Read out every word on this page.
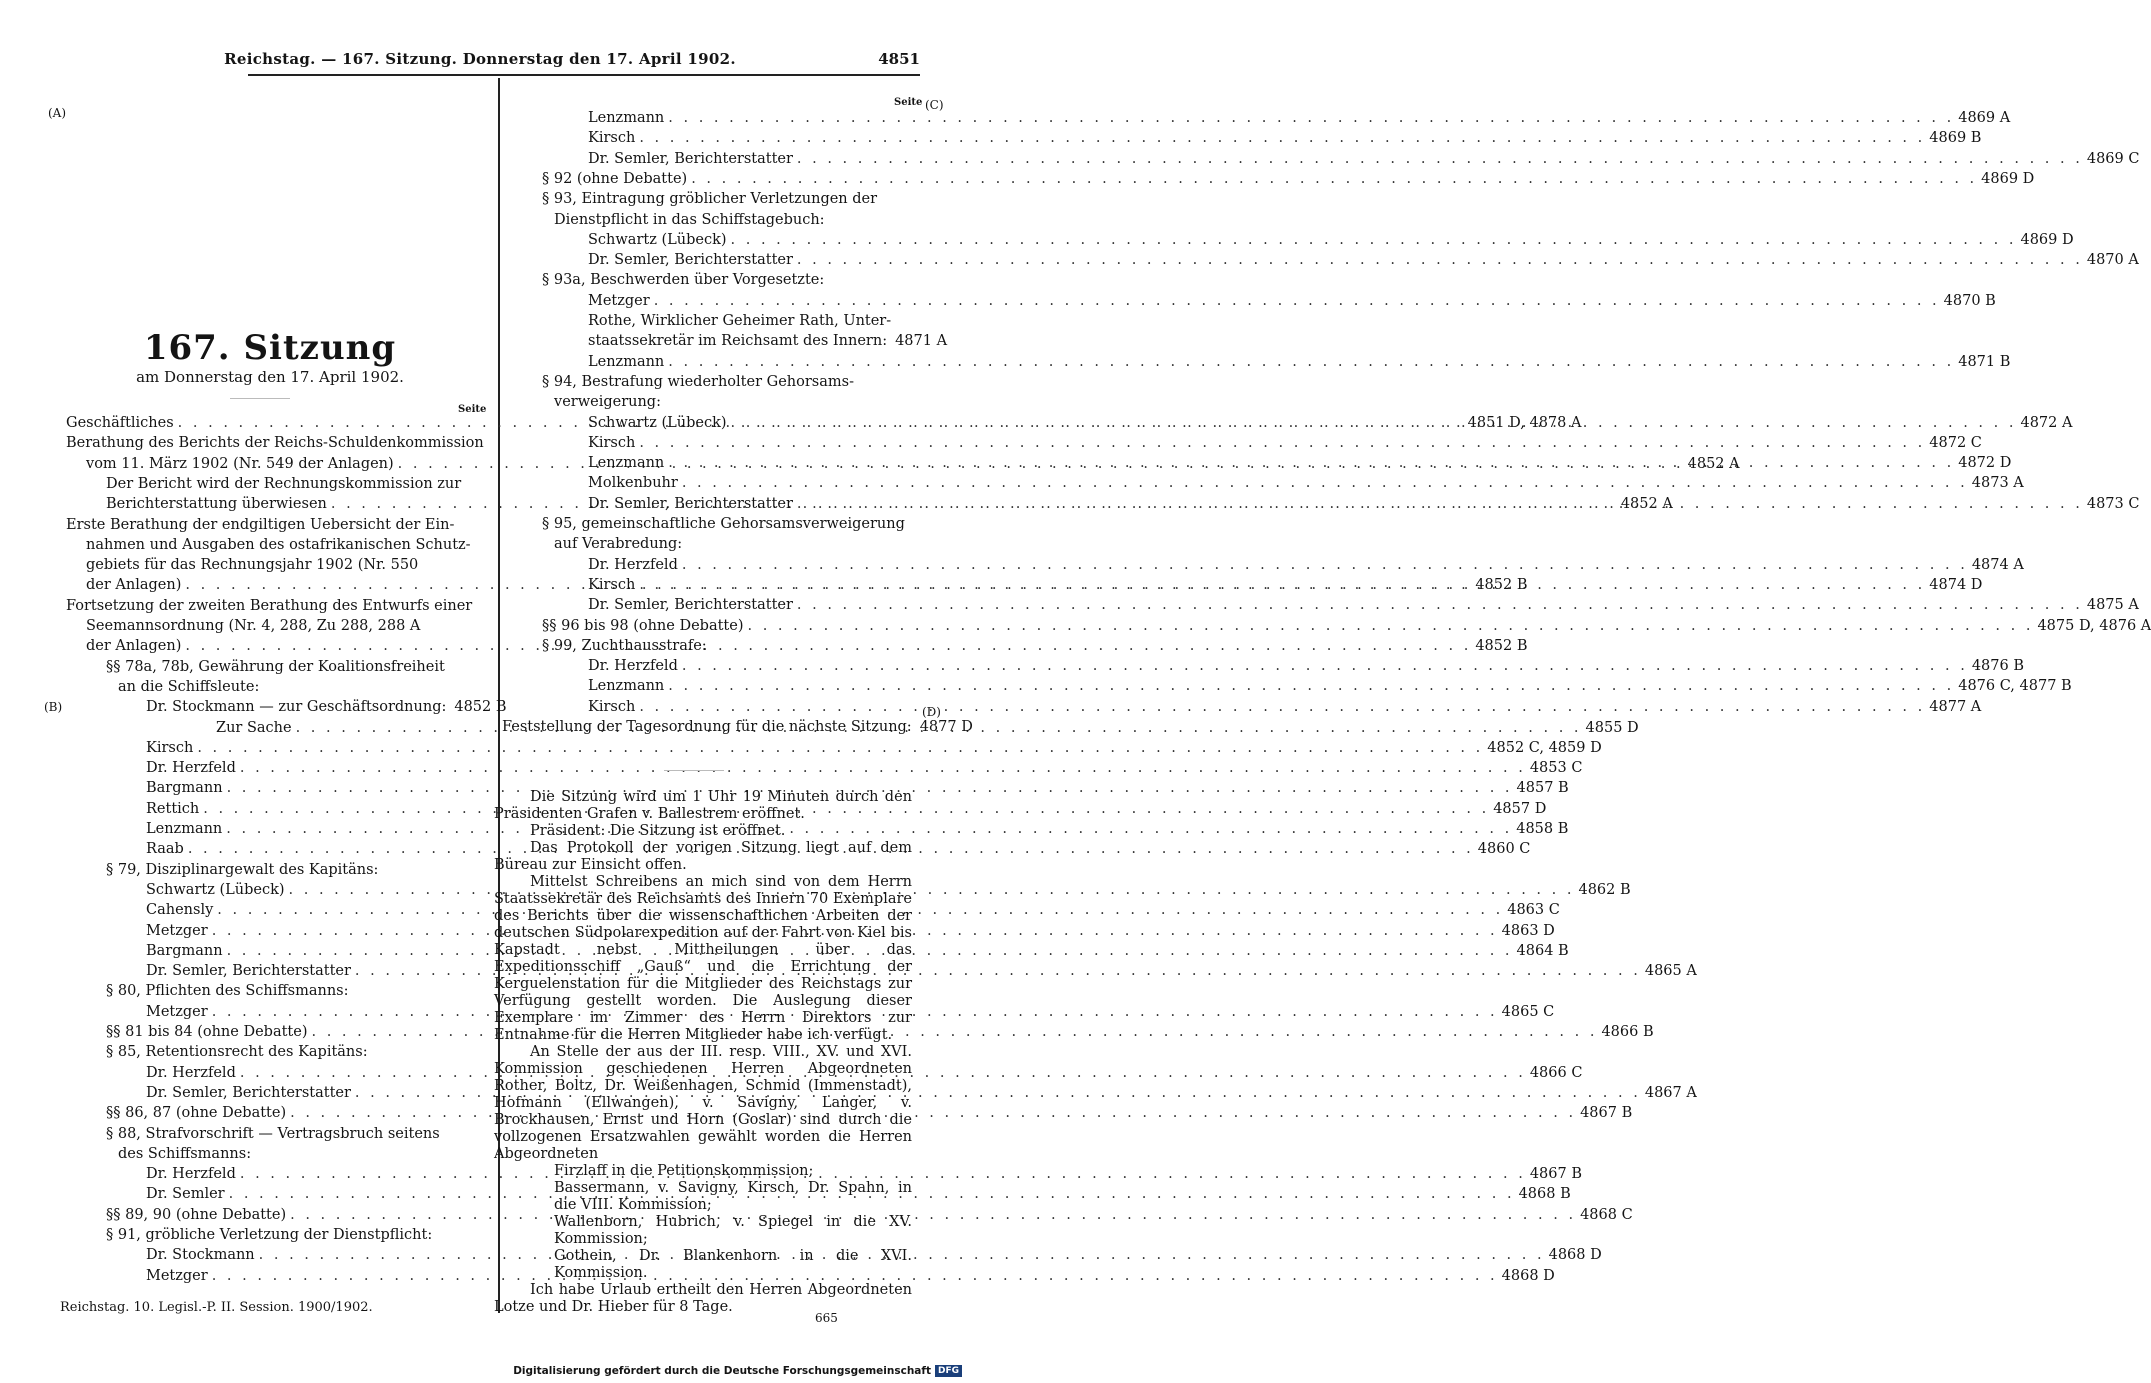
Reichstag. — 167. Sitzung. Donnerstag den 17. April 1902.	4851
(A)
(B)
(C)
(D)
167. Sitzung
am Donnerstag den 17. April 1902.
Seite
Seite
Geschäftliches . . .	4851 D, 4878 A
Berathung des Berichts der Reichs-Schuldenkommission
vom 11. März 1902 (Nr. 549 der Anlagen) . . .	4852 A
Der Bericht wird der Rechnungskommission zur
Berichterstattung überwiesen . . .	4852 A
Erste Berathung der endgiltigen Uebersicht der Ein-
nahmen und Ausgaben des ostafrikanischen Schutz-
gebiets für das Rechnungsjahr 1902 (Nr. 550
der Anlagen) . . .	4852 B
Fortsetzung der zweiten Berathung des Entwurfs einer
Seemannsordnung (Nr. 4, 288, Zu 288, 288 A
der Anlagen) . . .	4852 B
§§ 78a, 78b, Gewährung der Koalitionsfreiheit
an die Schiffsleute:
Dr. Stockmann — zur Geschäftsordnung: 4852 B
Zur Sache . . .	4855 D
Kirsch . . .	4852 C, 4859 D
Dr. Herzfeld . . .	4853 C
Bargmann . . .	4857 B
Rettich . . .	4857 D
Lenzmann . . .	4858 B
Raab . . .	4860 C
§ 79, Disziplinargewalt des Kapitäns:
Schwartz (Lübeck) . . .	4862 B
Cahensly . . .	4863 C
Metzger . . .	4863 D
Bargmann . . .	4864 B
Dr. Semler, Berichterstatter . . .	4865 A
§ 80, Pflichten des Schiffsmanns:
Metzger . . .	4865 C
§§ 81 bis 84 (ohne Debatte) . . .	4866 B
§ 85, Retentionsrecht des Kapitäns:
Dr. Herzfeld . . .	4866 C
Dr. Semler, Berichterstatter . . .	4867 A
§§ 86, 87 (ohne Debatte) . . .	4867 B
§ 88, Strafvorschrift — Vertragsbruch seitens
des Schiffsmanns:
Dr. Herzfeld . . .	4867 B
Dr. Semler . . .	4868 B
§§ 89, 90 (ohne Debatte) . . .	4868 C
§ 91, gröbliche Verletzung der Dienstpflicht:
Dr. Stockmann . . .	4868 D
Metzger . . .	4868 D
Lenzmann . . .	4869 A
Kirsch . . .	4869 B
Dr. Semler, Berichterstatter . . .	4869 C
§ 92 (ohne Debatte) . . .	4869 D
§ 93, Eintragung gröblicher Verletzungen der
Dienstpflicht in das Schiffstagebuch:
Schwartz (Lübeck) . . .	4869 D
Dr. Semler, Berichterstatter . . .	4870 A
§ 93a, Beschwerden über Vorgesetzte:
Metzger . . .	4870 B
Rothe, Wirklicher Geheimer Rath, Unter-
staatssekretär im Reichsamt des Innern: 4871 A
Lenzmann . . .	4871 B
§ 94, Bestrafung wiederholter Gehorsams-
verweigerung:
Schwartz (Lübeck) . . .	4872 A
Kirsch . . .	4872 C
Lenzmann . . .	4872 D
Molkenbuhr . . .	4873 A
Dr. Semler, Berichterstatter . . .	4873 C
§ 95, gemeinschaftliche Gehorsamsverweigerung
auf Verabredung:
Dr. Herzfeld . . .	4874 A
Kirsch . . .	4874 D
Dr. Semler, Berichterstatter . . .	4875 A
§§ 96 bis 98 (ohne Debatte) . . .	4875 D, 4876 A
§ 99, Zuchthausstrafe:
Dr. Herzfeld . . .	4876 B
Lenzmann . . .	4876 C, 4877 B
Kirsch . . .	4877 A
Feststellung der Tagesordnung für die nächste Sitzung: 4877 D

Die Sitzung wird um 1 Uhr 19 Minuten durch den Präsidenten Grafen v. Ballestrem eröffnet.

Präsident: Die Sitzung ist eröffnet.

Das Protokoll der vorigen Sitzung liegt auf dem Büreau zur Einsicht offen.

Mittelst Schreibens an mich sind von dem Herrn Staatssekretär des Reichsamts des Innern 70 Exemplare des Berichts über die wissenschaftlichen Arbeiten der deutschen Südpolarexpedition auf der Fahrt von Kiel bis Kapstadt nebst Mittheilungen über das Expeditionsschiff „Gauß“ und die Errichtung der Kerguelenstation für die Mitglieder des Reichstags zur Verfügung gestellt worden. Die Auslegung dieser Exemplare im Zimmer des Herrn Direktors zur Entnahme für die Herren Mitglieder habe ich verfügt.

An Stelle der aus der III. resp. VIII., XV. und XVI. Kommission geschiedenen Herren Abgeordneten Rother, Boltz, Dr. Weißenhagen, Schmid (Immenstadt), Hofmann (Ellwangen), v. Savigny, Langer, v. Brockhausen, Ernst und Horn (Goslar) sind durch die vollzogenen Ersatzwahlen gewählt worden die Herren Abgeordneten

Firzlaff in die Petitionskommission;

Bassermann, v. Savigny, Kirsch, Dr. Spahn, in die VIII. Kommission;

Wallenborn, Hubrich, v. Spiegel in die XV. Kommission;

Gothein, Dr. Blankenhorn in die XVI. Kommission.

Ich habe Urlaub ertheilt den Herren Abgeordneten Lotze und Dr. Hieber für 8 Tage.

Reichstag. 10. Legisl.-P. II. Session. 1900/1902.
665
Digitalisierung gefördert durch die Deutsche Forschungsgemeinschaft DFG
